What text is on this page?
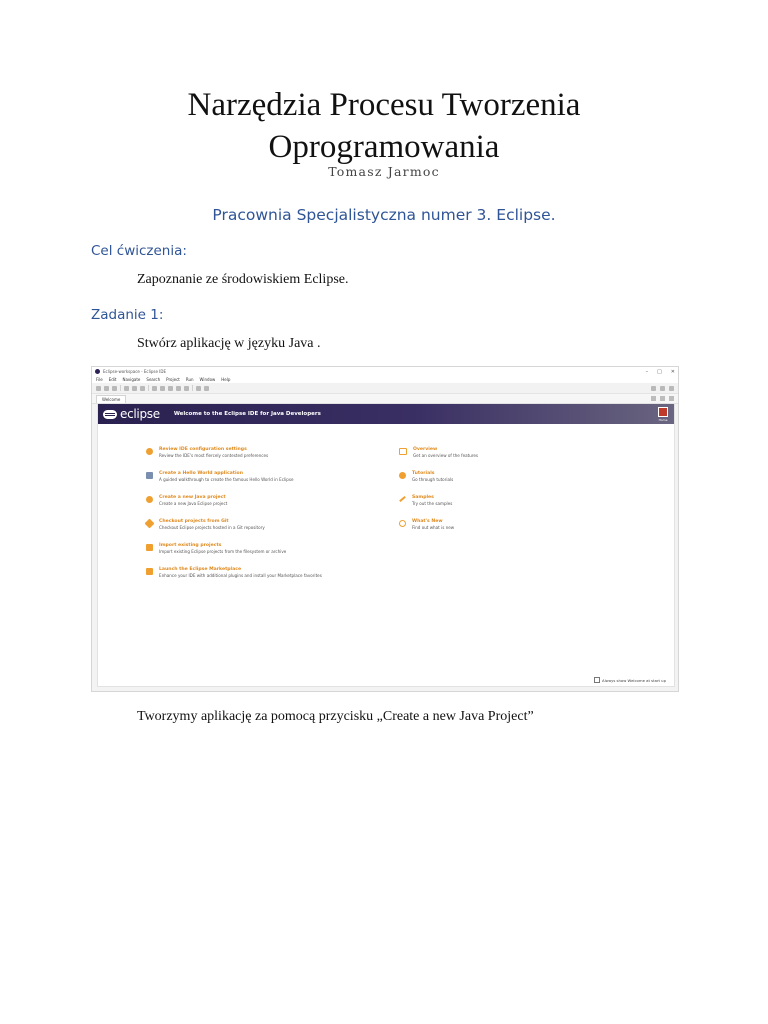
Narzędzia Procesu Tworzenia
Oprogramowania
Tomasz Jarmoc
Pracownia Specjalistyczna numer 3. Eclipse.
Cel ćwiczenia:
Zapoznanie ze środowiskiem Eclipse.
Zadanie 1:
Stwórz aplikację w języku Java .
Eclipse-workspace - Eclipse IDE	– □ ✕
File Edit Navigate Search Project Run Window Help
Welcome
eclipse	Welcome to the Eclipse IDE for Java Developers
Home
Review IDE configuration settings
Review the IDE's most fiercely contested preferences
Create a Hello World application
A guided walkthrough to create the famous Hello World in Eclipse
Create a new Java project
Create a new Java Eclipse project
Checkout projects from Git
Checkout Eclipse projects hosted in a Git repository
Import existing projects
Import existing Eclipse projects from the filesystem or archive
Launch the Eclipse Marketplace
Enhance your IDE with additional plugins and install your Marketplace favorites
Overview
Get an overview of the features
Tutorials
Go through tutorials
Samples
Try out the samples
What's New
Find out what is new
Always show Welcome at start up
Tworzymy aplikację za pomocą przycisku „Create a new Java Project”
